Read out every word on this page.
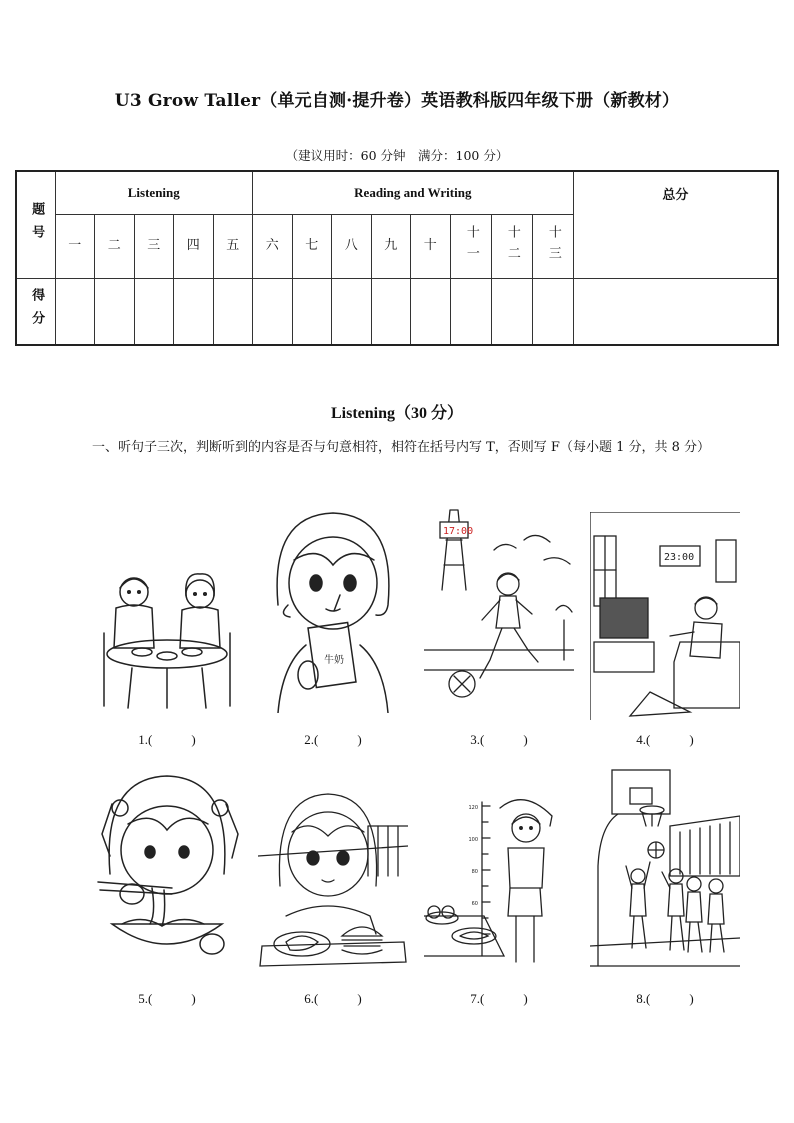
U3 Grow Taller（单元自测·提升卷）英语教科版四年级下册（新教材）
（建议用时：60 分钟　满分：100 分）
题号	Listening					Reading and Writing								总分
	一	二	三	四	五	六	七	八	九	十	十一	十二	十三	
得分														
Listening（30 分）
一、听句子三次，判断听到的内容是否与句意相符，相符在括号内写 T，否则写 F（每小题 1 分，共 8 分）
1.(　　　)
牛奶
2.(　　　)
17:00
3.(　　　)
23:00
4.(　　　)
5.(　　　)	6.(　　　)
120
100
80
60
7.(　　　)	8.(　　　)
